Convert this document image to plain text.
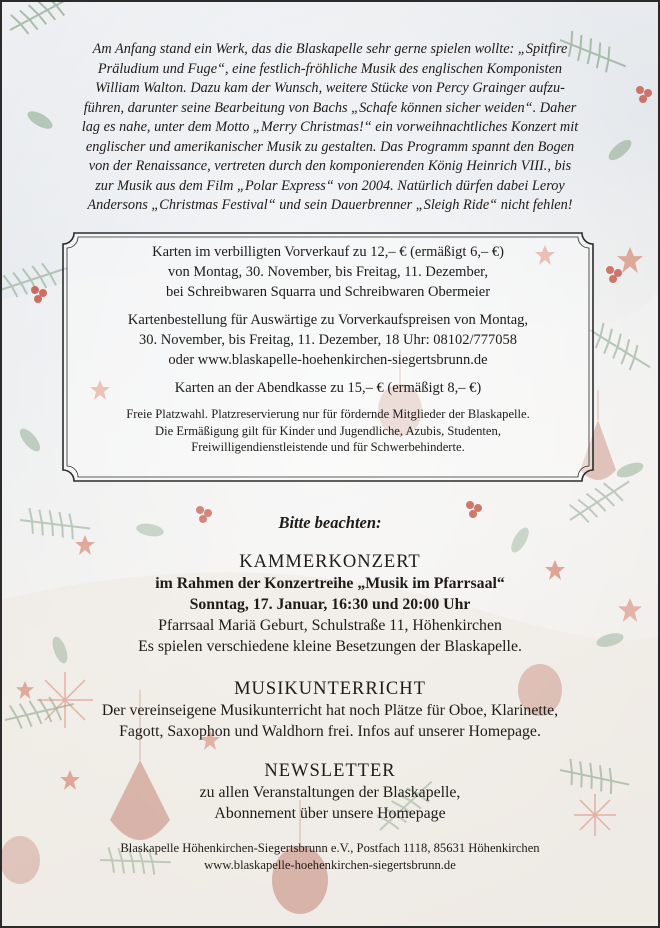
Am Anfang stand ein Werk, das die Blaskapelle sehr gerne spielen wollte: „Spitfire
Präludium und Fuge“, eine festlich-fröhliche Musik des englischen Komponisten
William Walton. Dazu kam der Wunsch, weitere Stücke von Percy Grainger aufzu-
führen, darunter seine Bearbeitung von Bachs „Schafe können sicher weiden“. Daher
lag es nahe, unter dem Motto „Merry Christmas!“ ein vorweihnachtliches Konzert mit
englischer und amerikanischer Musik zu gestalten. Das Programm spannt den Bogen
von der Renaissance, vertreten durch den komponierenden König Heinrich VIII., bis
zur Musik aus dem Film „Polar Express“ von 2004. Natürlich dürfen dabei Leroy
Andersons „Christmas Festival“ und sein Dauerbrenner „Sleigh Ride“ nicht fehlen!

Karten im verbilligten Vorverkauf zu 12,– € (ermäßigt 6,– €)
von Montag, 30. November, bis Freitag, 11. Dezember,
bei Schreibwaren Squarra und Schreibwaren Obermeier

Kartenbestellung für Auswärtige zu Vorverkaufspreisen von Montag,
30. November, bis Freitag, 11. Dezember, 18 Uhr: 08102/777058
oder www.blaskapelle-hoehenkirchen-siegertsbrunn.de

Karten an der Abendkasse zu 15,– € (ermäßigt 8,– €)

Freie Platzwahl. Platzreservierung nur für fördernde Mitglieder der Blaskapelle.
Die Ermäßigung gilt für Kinder und Jugendliche, Azubis, Studenten,
Freiwilligendienstleistende und für Schwerbehinderte.

Bitte beachten:
KAMMERKONZERT
im Rahmen der Konzertreihe „Musik im Pfarrsaal“
Sonntag, 17. Januar, 16:30 und 20:00 Uhr
Pfarrsaal Mariä Geburt, Schulstraße 11, Höhenkirchen
Es spielen verschiedene kleine Besetzungen der Blaskapelle.
MUSIKUNTERRICHT
Der vereinseigene Musikunterricht hat noch Plätze für Oboe, Klarinette,
Fagott, Saxophon und Waldhorn frei. Infos auf unserer Homepage.
NEWSLETTER
zu allen Veranstaltungen der Blaskapelle,
Abonnement über unsere Homepage
Blaskapelle Höhenkirchen-Siegertsbrunn e.V., Postfach 1118, 85631 Höhenkirchen
www.blaskapelle-hoehenkirchen-siegertsbrunn.de
